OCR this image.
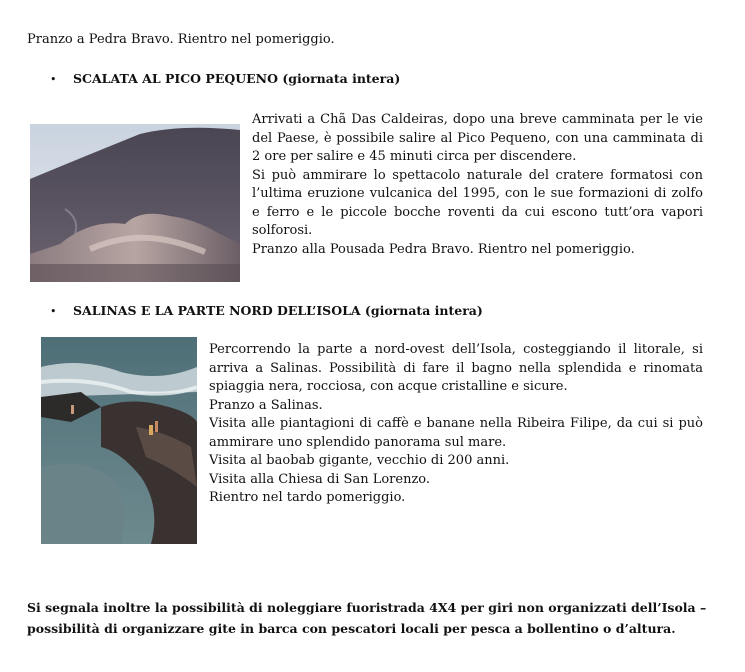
Pranzo a Pedra Bravo. Rientro nel pomeriggio.
• SCALATA AL PICO PEQUENO (giornata intera)

Arrivati a Chã Das Caldeiras, dopo una breve camminata per le vie del Paese, è possibile salire al Pico Pequeno, con una camminata di 2 ore per salire e 45 minuti circa per discendere.

Si può ammirare lo spettacolo naturale del cratere formatosi con l’ultima eruzione vulcanica del 1995, con le sue formazioni di zolfo e ferro e le piccole bocche roventi da cui escono tutt’ora vapori solforosi.

Pranzo alla Pousada Pedra Bravo. Rientro nel pomeriggio.

• SALINAS E LA PARTE NORD DELL’ISOLA (giornata intera)

Percorrendo la parte a nord-ovest dell’Isola, costeggiando il litorale, si arriva a Salinas. Possibilità di fare il bagno nella splendida e rinomata spiaggia nera, rocciosa, con acque cristalline e sicure.

Pranzo a Salinas.

Visita alle piantagioni di caffè e banane nella Ribeira Filipe, da cui si può ammirare uno splendido panorama sul mare.

Visita al baobab gigante, vecchio di 200 anni.

Visita alla Chiesa di San Lorenzo.

Rientro nel tardo pomeriggio.

Si segnala inoltre la possibilità di noleggiare fuoristrada 4X4 per giri non organizzati dell’Isola – possibilità di organizzare gite in barca con pescatori locali per pesca a bollentino o d’altura.
